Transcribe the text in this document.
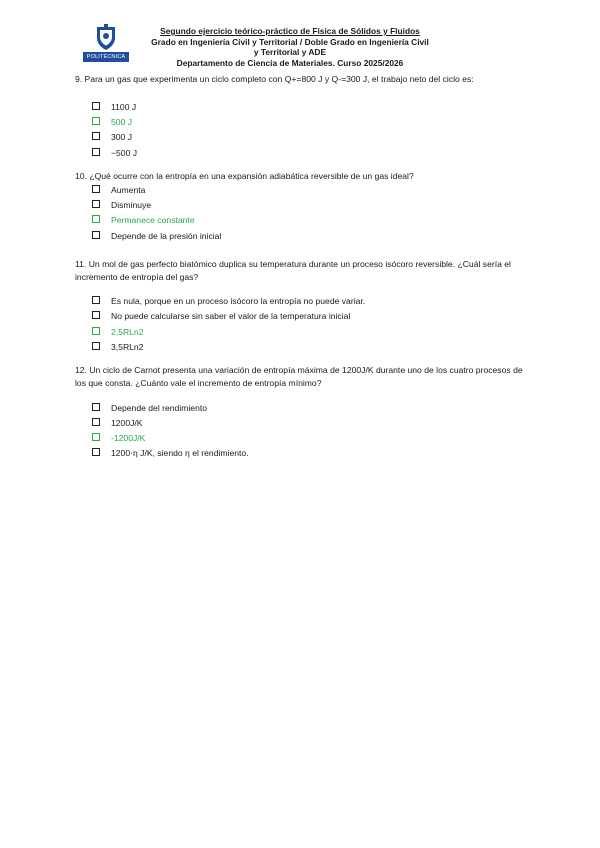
POLITÉCNICA
Segundo ejercicio teórico-práctico de Física de Sólidos y Fluidos
Grado en Ingeniería Civil y Territorial / Doble Grado en Ingeniería Civil
y Territorial y ADE
Departamento de Ciencia de Materiales. Curso 2025/2026
9. Para un gas que experimenta un ciclo completo con Q+=800 J y Q-=300 J, el trabajo neto del ciclo es:
1100 J
500 J
300 J
−500 J
10. ¿Qué ocurre con la entropía en una expansión adiabática reversible de un gas ideal?
Aumenta
Disminuye
Permanece constante
Depende de la presión inicial
11. Un mol de gas perfecto biatómico duplica su temperatura durante un proceso isócoro reversible. ¿Cuál sería el incremento de entropía del gas?
Es nula, porque en un proceso isócoro la entropía no puede variar.
No puede calcularse sin saber el valor de la temperatura inicial
2,5RLn2
3,5RLn2
12. Un ciclo de Carnot presenta una variación de entropía máxima de 1200J/K durante uno de los cuatro procesos de los que consta. ¿Cuánto vale el incremento de entropía mínimo?
Depende del rendimiento
1200J/K
-1200J/K
1200·η J/K, siendo η el rendimiento.
